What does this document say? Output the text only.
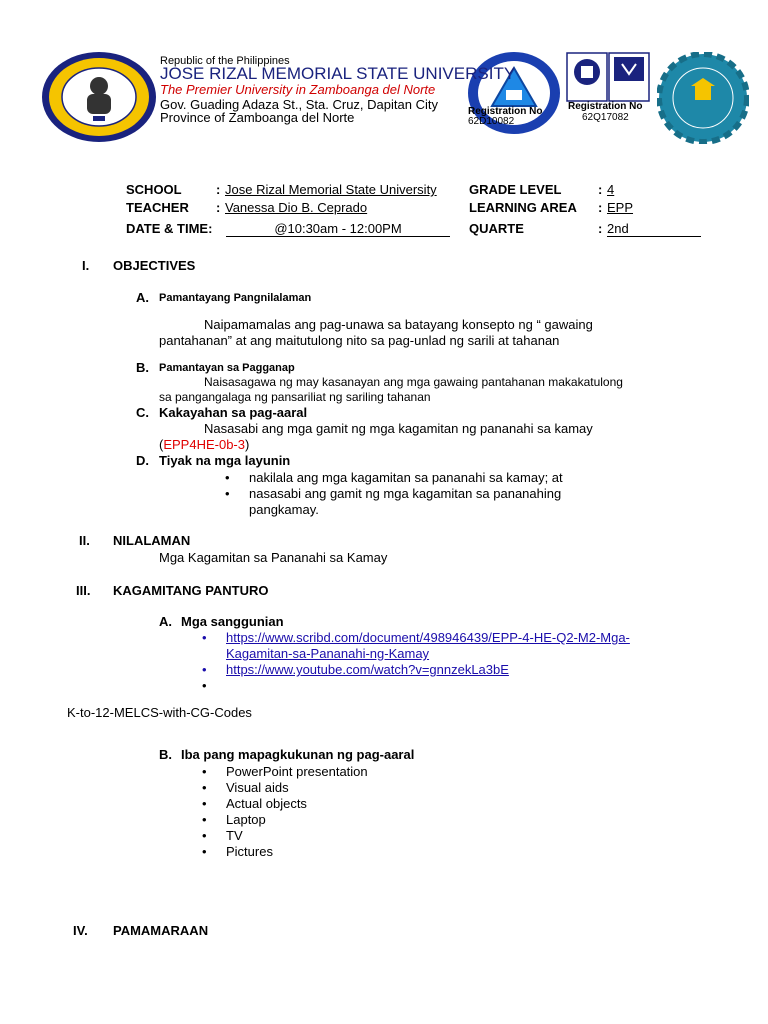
Republic of the Philippines
JOSE RIZAL MEMORIAL STATE UNIVERSITY
The Premier University in Zamboanga del Norte
Gov. Guading Adaza St., Sta. Cruz, Dapitan City
Province of Zamboanga del Norte	Registration No
62D10082
Registration No
62Q17082
SCHOOL	: Jose Rizal Memorial State University
TEACHER : Vanessa Dio B. Ceprado
DATE & TIME:	@10:30am - 12:00PM
GRADE LEVEL	: 4
LEARNING AREA : EPP
QUARTE	: 2nd
I. OBJECTIVES
A. Pamantayang Pangnilalaman
Naipamamalas ang pag-unawa sa batayang konsepto ng “ gawaing
pantahanan” at ang maitutulong nito sa pag-unlad ng sarili at tahanan
B. Pamantayan sa Pagganap
Naisasagawa ng may kasanayan ang mga gawaing pantahanan makakatulong
sa pangangalaga ng pansariliat ng sariling tahanan
C. Kakayahan sa pag-aaral
Nasasabi ang mga gamit ng mga kagamitan ng pananahi sa kamay
(EPP4HE-0b-3)
D. Tiyak na mga layunin
• nakilala ang mga kagamitan sa pananahi sa kamay; at
• nasasabi ang gamit ng mga kagamitan sa pananahing
pangkamay.
II. NILALAMAN
Mga Kagamitan sa Pananahi sa Kamay
III. KAGAMITANG PANTURO
A. Mga sanggunian
• https://www.scribd.com/document/498946439/EPP-4-HE-Q2-M2-Mga-
Kagamitan-sa-Pananahi-ng-Kamay
• https://www.youtube.com/watch?v=gnnzekLa3bE
•
K-to-12-MELCS-with-CG-Codes
B. Iba pang mapagkukunan ng pag-aaral
• PowerPoint presentation
• Visual aids
• Actual objects
• Laptop
• TV
• Pictures
IV. PAMAMARAAN
